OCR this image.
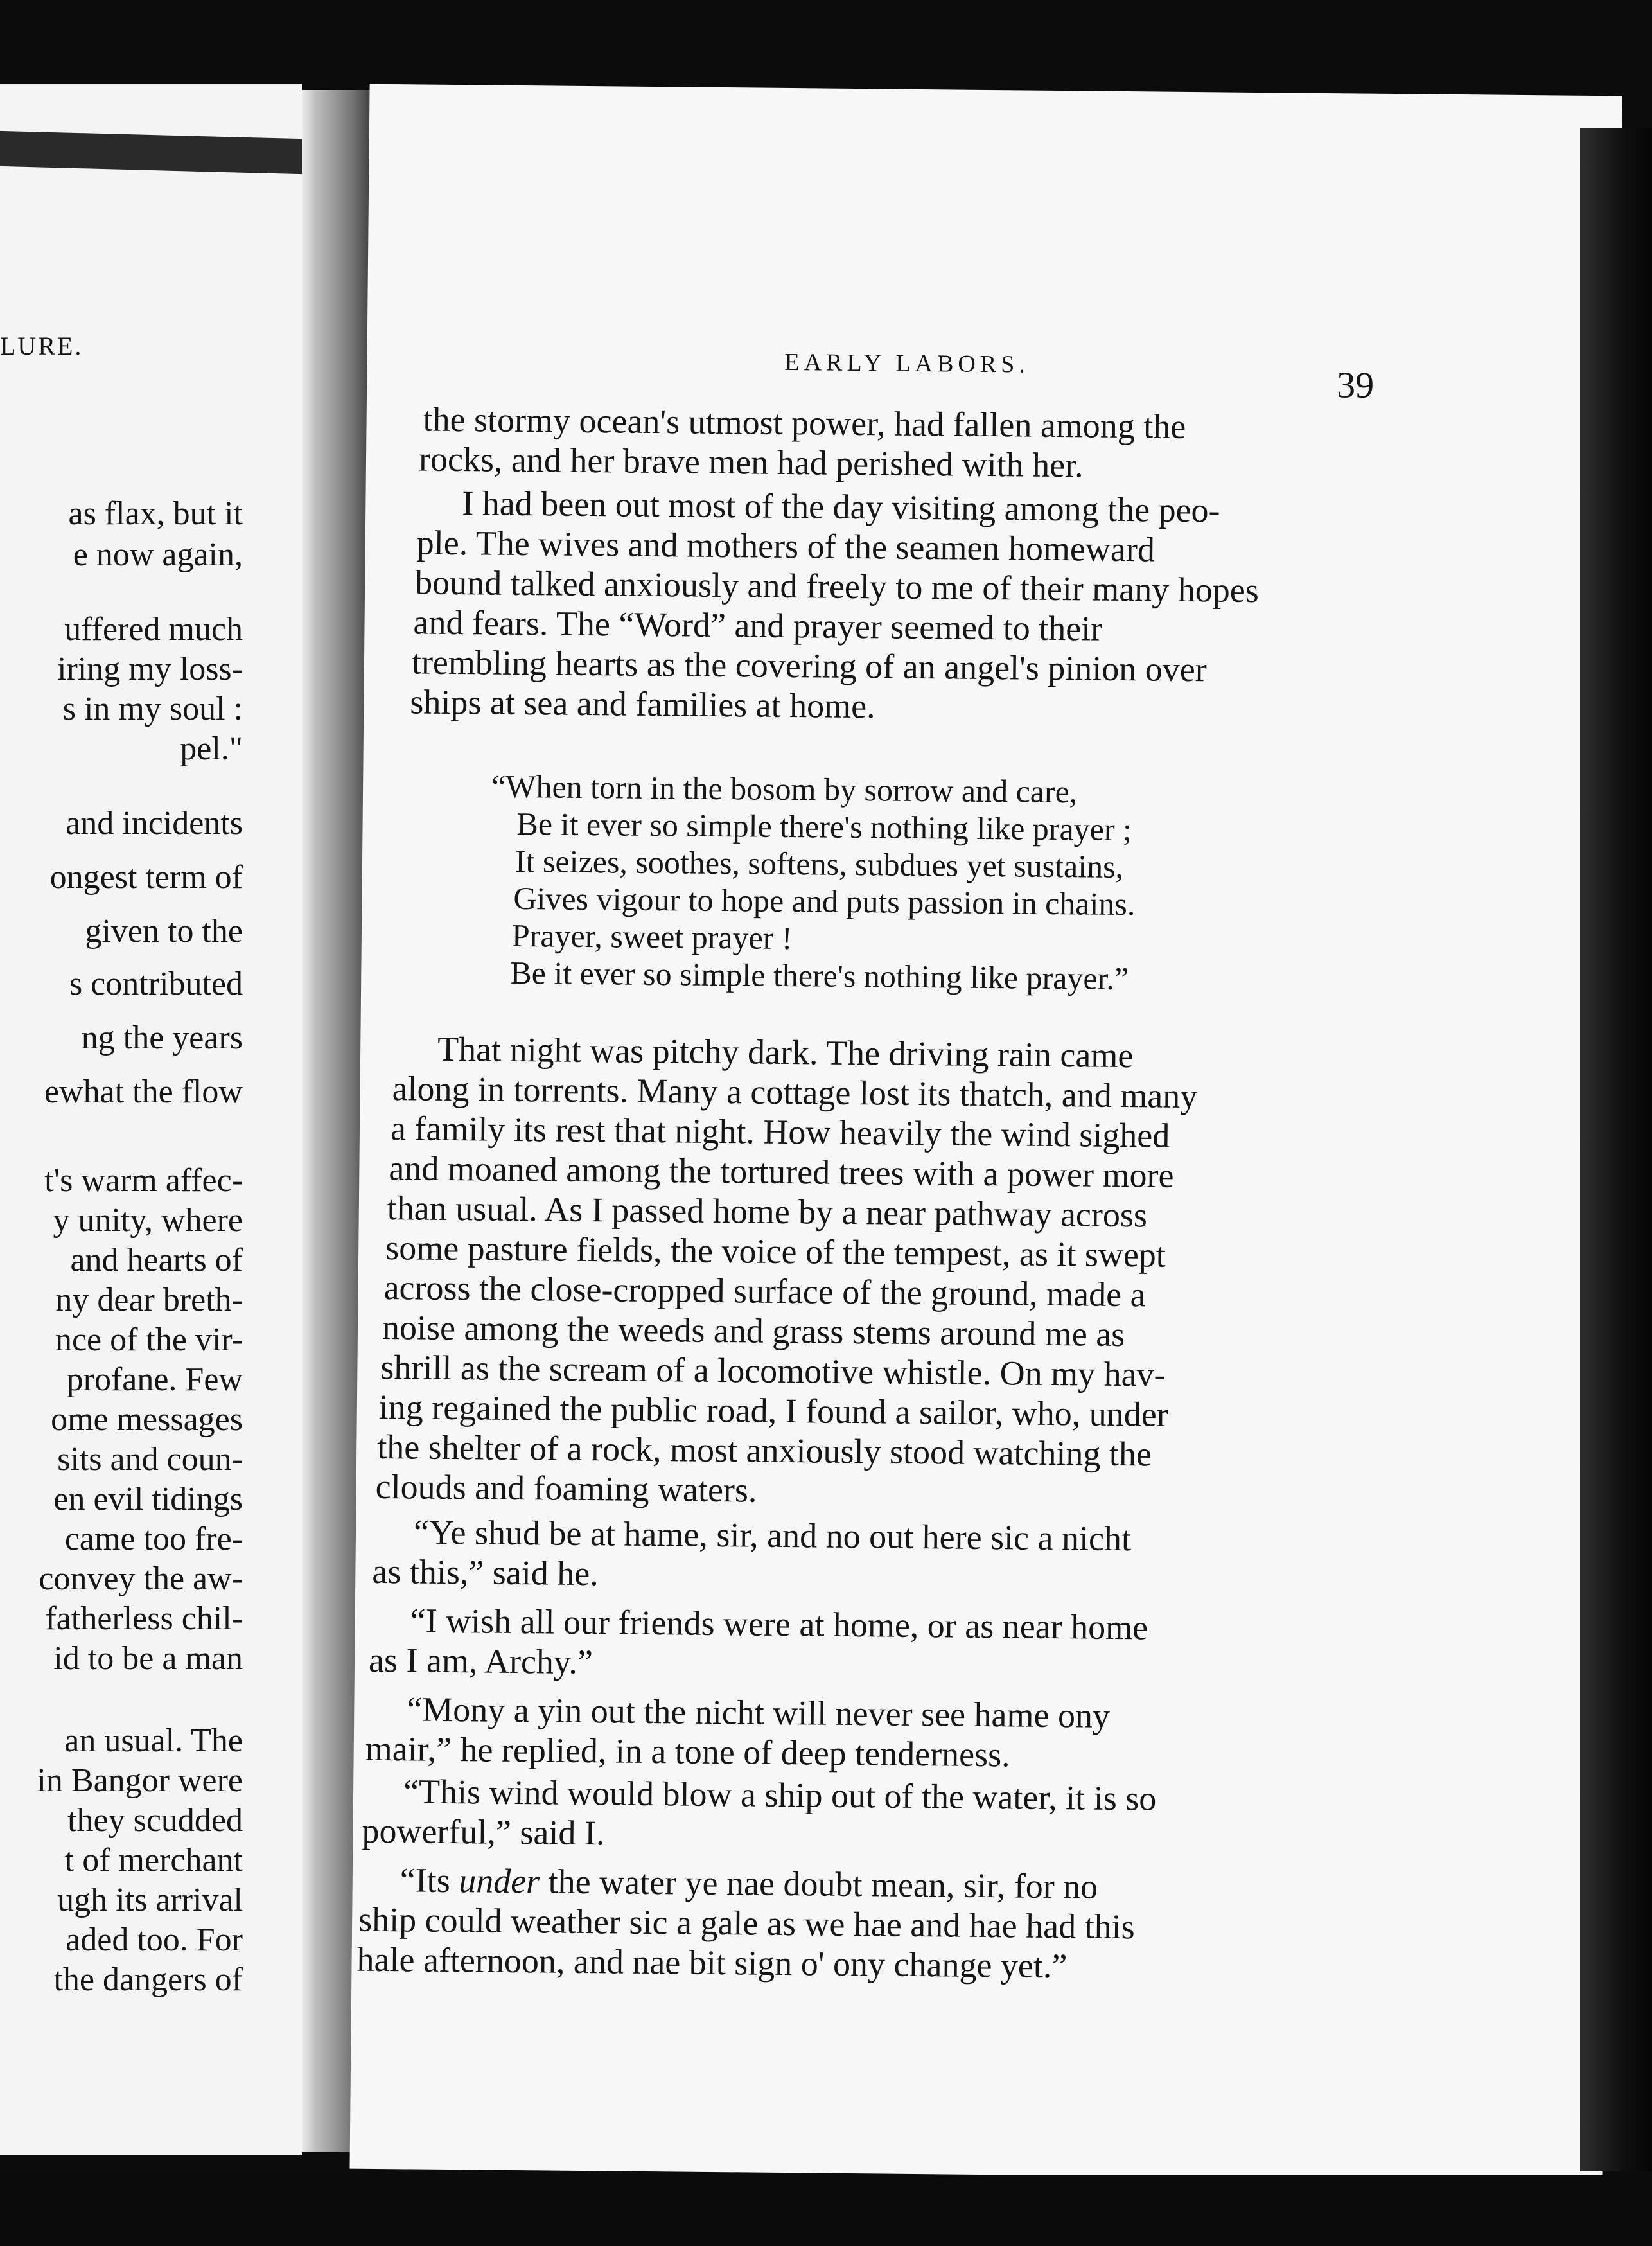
LURE.
as flax, but it
e now again,
uffered much
iring my loss-
s in my soul :
pel."
and incidents
ongest term of
given to the
s contributed
ng the years
ewhat the flow
t's warm affec-
y unity, where
and hearts of
ny dear breth-
nce of the vir-
profane. Few
ome messages
sits and coun-
en evil tidings
came too fre-
convey the aw-
fatherless chil-
id to be a man
an usual. The
in Bangor were
they scudded
t of merchant
ugh its arrival
aded too. For
the dangers of
EARLY LABORS.
39
the stormy ocean's utmost power, had fallen among the
rocks, and her brave men had perished with her.
I had been out most of the day visiting among the peo-
ple. The wives and mothers of the seamen homeward
bound talked anxiously and freely to me of their many hopes
and fears. The “Word” and prayer seemed to their
trembling hearts as the covering of an angel's pinion over
ships at sea and families at home.
“When torn in the bosom by sorrow and care,
Be it ever so simple there's nothing like prayer ;
It seizes, soothes, softens, subdues yet sustains,
Gives vigour to hope and puts passion in chains.
Prayer, sweet prayer !
Be it ever so simple there's nothing like prayer.”
That night was pitchy dark. The driving rain came
along in torrents. Many a cottage lost its thatch, and many
a family its rest that night. How heavily the wind sighed
and moaned among the tortured trees with a power more
than usual. As I passed home by a near pathway across
some pasture fields, the voice of the tempest, as it swept
across the close-cropped surface of the ground, made a
noise among the weeds and grass stems around me as
shrill as the scream of a locomotive whistle. On my hav-
ing regained the public road, I found a sailor, who, under
the shelter of a rock, most anxiously stood watching the
clouds and foaming waters.
“Ye shud be at hame, sir, and no out here sic a nicht
as this,” said he.
“I wish all our friends were at home, or as near home
as I am, Archy.”
“Mony a yin out the nicht will never see hame ony
mair,” he replied, in a tone of deep tenderness.
“This wind would blow a ship out of the water, it is so
powerful,” said I.
“Its under the water ye nae doubt mean, sir, for no
ship could weather sic a gale as we hae and hae had this
hale afternoon, and nae bit sign o' ony change yet.”
